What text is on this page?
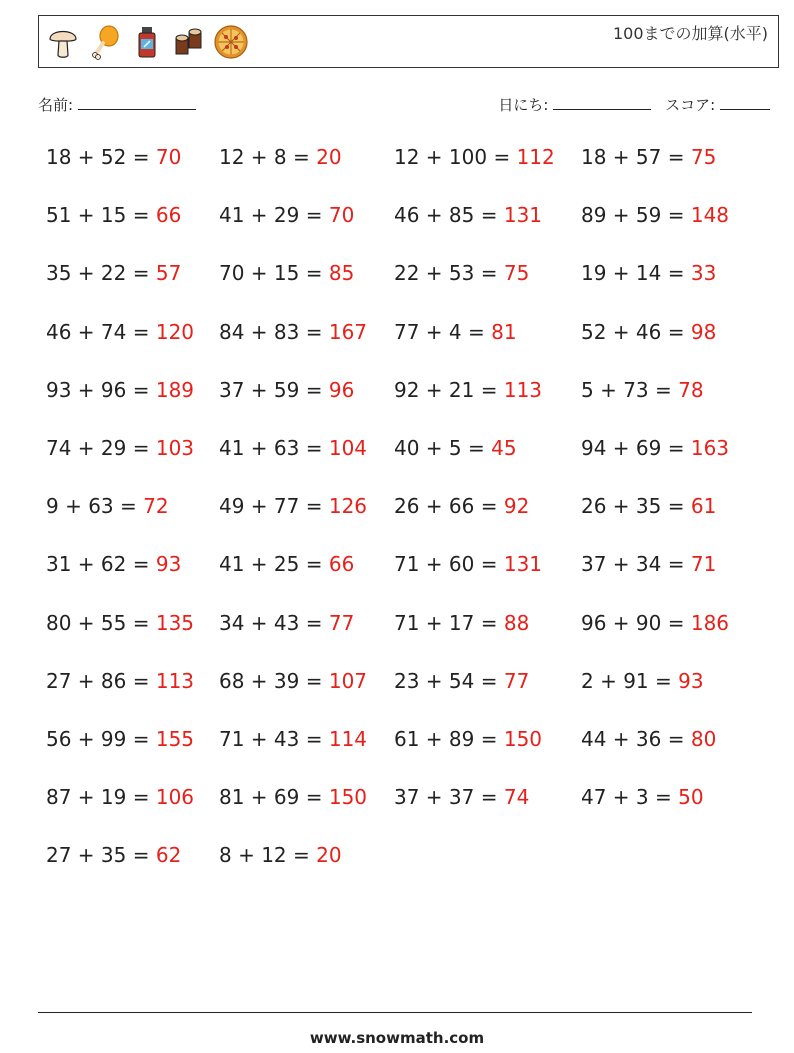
100までの加算(水平)
名前:	日にち:	スコア:
18 + 52 = 70 12 + 8 = 20	12 + 100 = 112 18 + 57 = 75
51 + 15 = 66 41 + 29 = 70 46 + 85 = 131 89 + 59 = 148
35 + 22 = 57 70 + 15 = 85 22 + 53 = 75	19 + 14 = 33
46 + 74 = 120 84 + 83 = 167 77 + 4 = 81	52 + 46 = 98
93 + 96 = 189 37 + 59 = 96 92 + 21 = 113 5 + 73 = 78
74 + 29 = 103 41 + 63 = 104 40 + 5 = 45	94 + 69 = 163
9 + 63 = 72	49 + 77 = 126 26 + 66 = 92	26 + 35 = 61
31 + 62 = 93 41 + 25 = 66 71 + 60 = 131 37 + 34 = 71
80 + 55 = 135 34 + 43 = 77 71 + 17 = 88	96 + 90 = 186
27 + 86 = 113 68 + 39 = 107 23 + 54 = 77	2 + 91 = 93
56 + 99 = 155 71 + 43 = 114 61 + 89 = 150 44 + 36 = 80
87 + 19 = 106 81 + 69 = 150 37 + 37 = 74	47 + 3 = 50
27 + 35 = 62 8 + 12 = 20
www.snowmath.com
